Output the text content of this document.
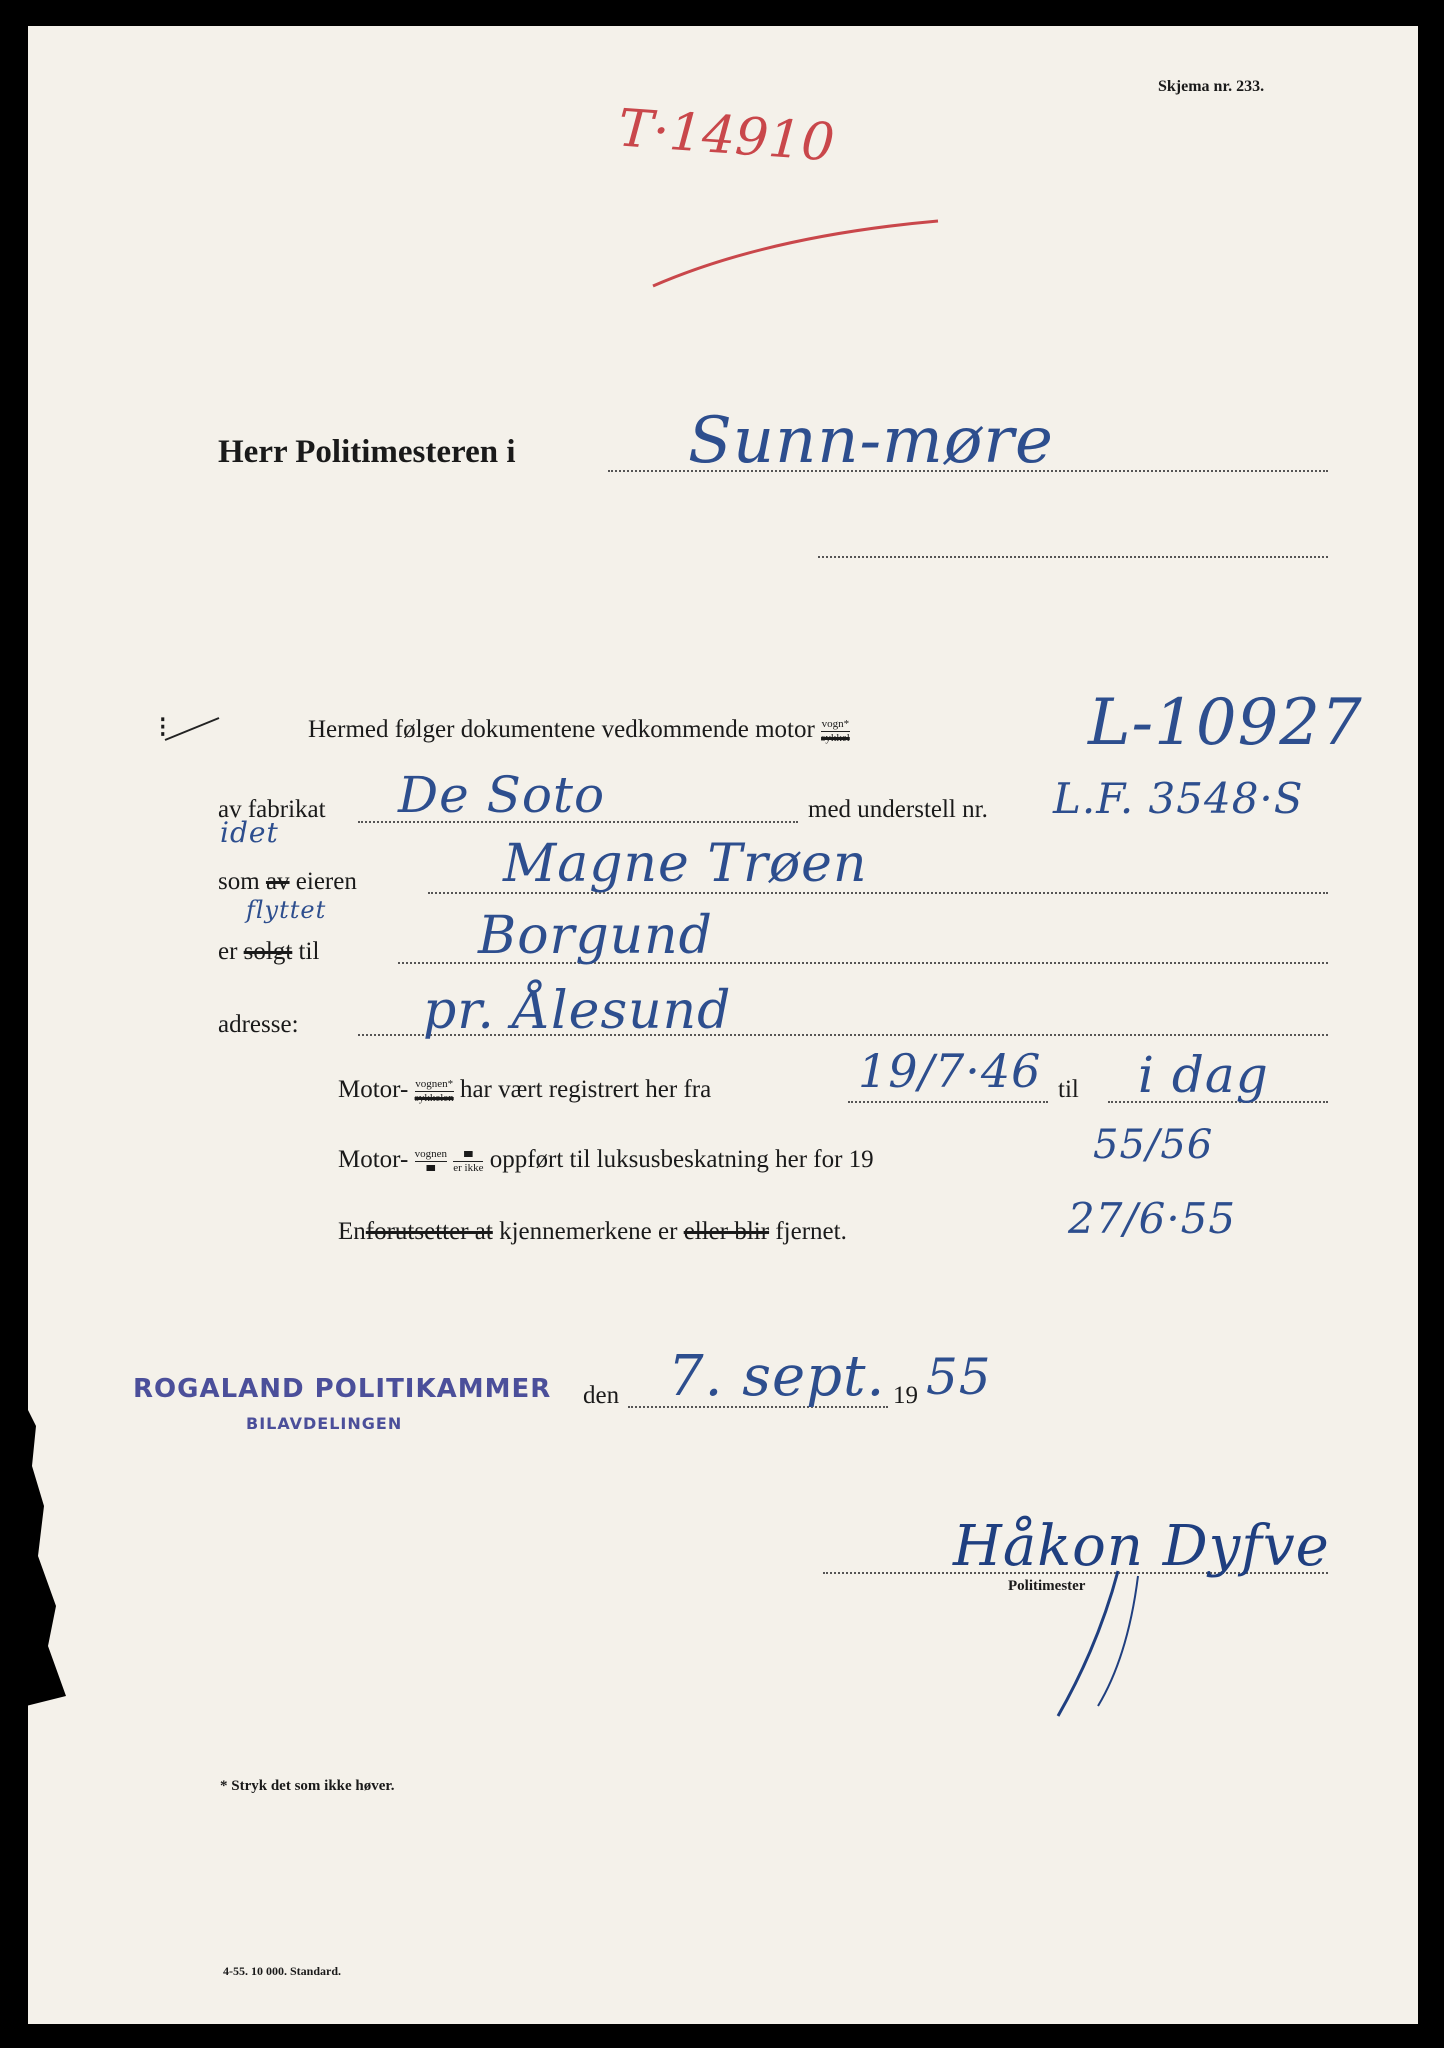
Skjema nr. 233.
T·14910
Herr Politimesteren i	Sunn-møre
⁝	Hermed følger dokumentene vedkommende motor $\frac{\text{vogn*}}{\text{sykkel}}$	L-10927
av fabrikat De Soto	med understell nr. L.F. 3548·S
idet
som av eieren	Magne Trøen
flyttet
er solgt til	Borgund
adresse: pr. Ålesund
Motor- $\frac{\text{vognen*}}{\text{sykkelen}}$ har vært registrert her fra	19/7·46 til i dag
Motor- $\frac{\text{vognen}}{er}$
$\frac{er}{\text{er ikke}}$ oppført til luksusbeskatning her for 19	55/56
Enforutsetter at kjennemerkene er eller blir fjernet.	27/6·55
ROGALAND POLITIKAMMER
BILAVDELINGEN
den 7. sept. 19 55
Håkon Dyfve
Politimester
* Stryk det som ikke høver.
4-55. 10 000. Standard.
